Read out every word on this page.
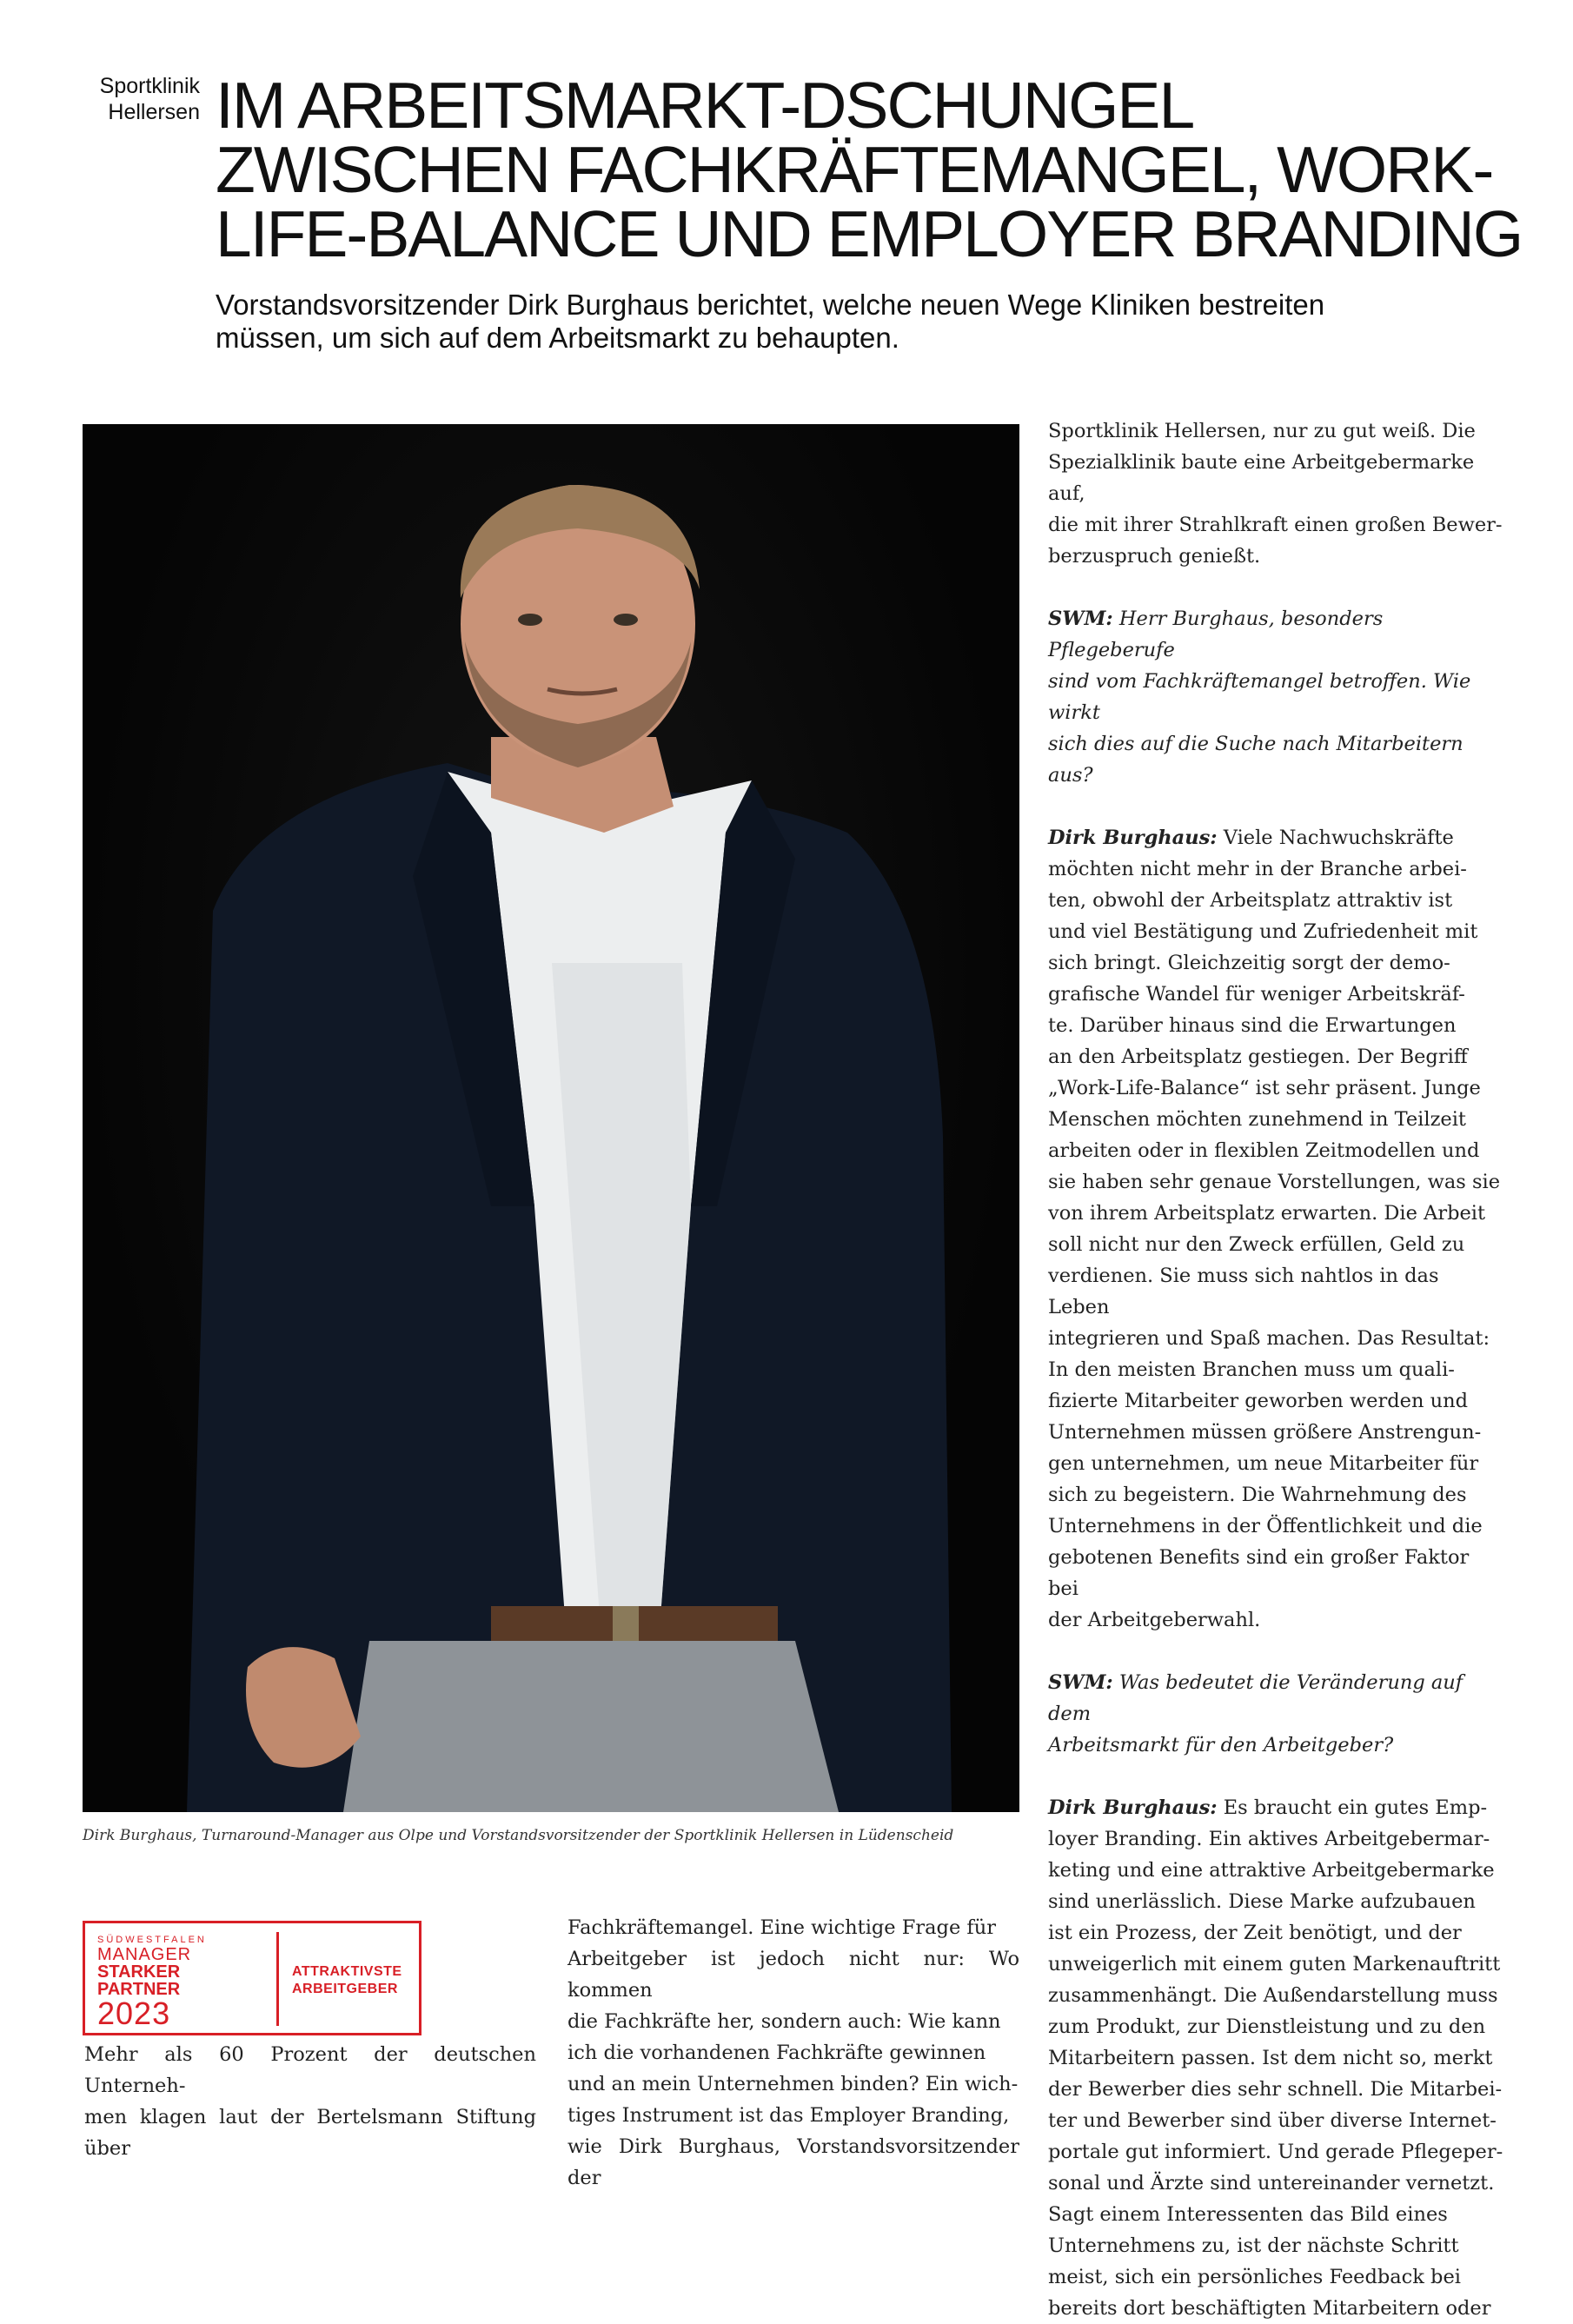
Sportklinik
Hellersen IM ARBEITSMARKT-DSCHUNGEL
ZWISCHEN FACHKRÄFTEMANGEL, WORK-
LIFE-BALANCE UND EMPLOYER BRANDING
Vorstandsvorsitzender Dirk Burghaus berichtet, welche neuen Wege Kliniken bestreiten
müssen, um sich auf dem Arbeitsmarkt zu behaupten.
Dirk Burghaus, Turnaround-Manager aus Olpe und Vorstandsvorsitzender der Sportklinik Hellersen in Lüdenscheid
SÜDWESTFALEN
MANAGER
STARKER
PARTNER
2023
ATTRAKTIVSTE
ARBEITGEBER

Mehr als 60 Prozent der deutschen Unterneh-

men klagen laut der Bertelsmann Stiftung über

Fachkräftemangel. Eine wichtige Frage für

Arbeitgeber ist jedoch nicht nur: Wo kommen

die Fachkräfte her, sondern auch: Wie kann

ich die vorhandenen Fachkräfte gewinnen

und an mein Unternehmen binden? Ein wich-

tiges Instrument ist das Employer Branding,

wie Dirk Burghaus, Vorstandsvorsitzender der

Sportklinik Hellersen, nur zu gut weiß. Die

Spezialklinik baute eine Arbeitgebermarke auf,

die mit ihrer Strahlkraft einen großen Bewer-

berzuspruch genießt.

SWM: Herr Burghaus, besonders Pflegeberufe

sind vom Fachkräftemangel betroffen. Wie wirkt

sich dies auf die Suche nach Mitarbeitern aus?

Dirk Burghaus: Viele Nachwuchskräfte

möchten nicht mehr in der Branche arbei-

ten, obwohl der Arbeitsplatz attraktiv ist

und viel Bestätigung und Zufriedenheit mit

sich bringt. Gleichzeitig sorgt der demo-

grafische Wandel für weniger Arbeitskräf-

te. Darüber hinaus sind die Erwartungen

an den Arbeitsplatz gestiegen. Der Begriff

„Work-Life-Balance“ ist sehr präsent. Junge

Menschen möchten zunehmend in Teilzeit

arbeiten oder in flexiblen Zeitmodellen und

sie haben sehr genaue Vorstellungen, was sie

von ihrem Arbeitsplatz erwarten. Die Arbeit

soll nicht nur den Zweck erfüllen, Geld zu

verdienen. Sie muss sich nahtlos in das Leben

integrieren und Spaß machen. Das Resultat:

In den meisten Branchen muss um quali-

fizierte Mitarbeiter geworben werden und

Unternehmen müssen größere Anstrengun-

gen unternehmen, um neue Mitarbeiter für

sich zu begeistern. Die Wahrnehmung des

Unternehmens in der Öffentlichkeit und die

gebotenen Benefits sind ein großer Faktor bei

der Arbeitgeberwahl.

SWM: Was bedeutet die Veränderung auf dem

Arbeitsmarkt für den Arbeitgeber?

Dirk Burghaus: Es braucht ein gutes Emp-

loyer Branding. Ein aktives Arbeitgebermar-

keting und eine attraktive Arbeitgebermarke

sind unerlässlich. Diese Marke aufzubauen

ist ein Prozess, der Zeit benötigt, und der

unweigerlich mit einem guten Markenauftritt

zusammenhängt. Die Außendarstellung muss

zum Produkt, zur Dienstleistung und zu den

Mitarbeitern passen. Ist dem nicht so, merkt

der Bewerber dies sehr schnell. Die Mitarbei-

ter und Bewerber sind über diverse Internet-

portale gut informiert. Und gerade Pflegeper-

sonal und Ärzte sind untereinander vernetzt.

Sagt einem Interessenten das Bild eines

Unternehmens zu, ist der nächste Schritt

meist, sich ein persönliches Feedback bei

bereits dort beschäftigten Mitarbeitern oder
